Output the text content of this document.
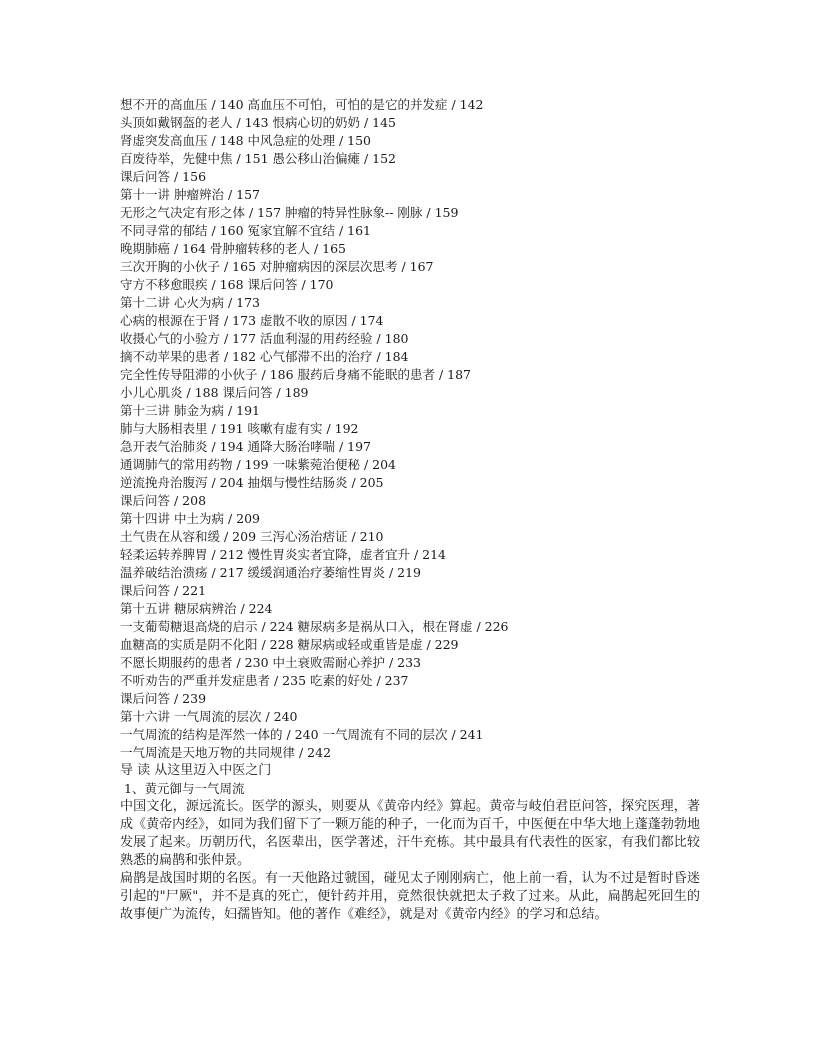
想不开的高血压 / 140 高血压不可怕，可怕的是它的并发症 / 142
头顶如戴钢盔的老人 / 143 恨病心切的奶奶 / 145
肾虚突发高血压 / 148 中风急症的处理 / 150
百废待举，先健中焦 / 151 愚公移山治偏瘫 / 152
课后问答 / 156
第十一讲 肿瘤辨治 / 157
无形之气决定有形之体 / 157 肿瘤的特异性脉象-- 刚脉 / 159
不同寻常的郁结 / 160 冤家宜解不宜结 / 161
晚期肺癌 / 164 骨肿瘤转移的老人 / 165
三次开胸的小伙子 / 165 对肿瘤病因的深层次思考 / 167
守方不移愈眼疾 / 168 课后问答 / 170
第十二讲 心火为病 / 173
心病的根源在于肾 / 173 虚散不收的原因 / 174
收摄心气的小验方 / 177 活血利湿的用药经验 / 180
摘不动苹果的患者 / 182 心气郁滞不出的治疗 / 184
完全性传导阻滞的小伙子 / 186 服药后身痛不能眠的患者 / 187
小儿心肌炎 / 188 课后问答 / 189
第十三讲 肺金为病 / 191
肺与大肠相表里 / 191 咳嗽有虚有实 / 192
急开表气治肺炎 / 194 通降大肠治哮喘 / 197
通调肺气的常用药物 / 199 一味紫菀治便秘 / 204
逆流挽舟治腹泻 / 204 抽烟与慢性结肠炎 / 205
课后问答 / 208
第十四讲 中土为病 / 209
土气贵在从容和缓 / 209 三泻心汤治痞证 / 210
轻柔运转养脾胃 / 212 慢性胃炎实者宜降，虚者宜升 / 214
温养破结治溃疡 / 217 缓缓润通治疗萎缩性胃炎 / 219
课后问答 / 221
第十五讲 糖尿病辨治 / 224
一支葡萄糖退高烧的启示 / 224 糖尿病多是祸从口入，根在肾虚 / 226
血糖高的实质是阴不化阳 / 228 糖尿病或轻或重皆是虚 / 229
不愿长期服药的患者 / 230 中土衰败需耐心养护 / 233
不听劝告的严重并发症患者 / 235 吃素的好处 / 237
课后问答 / 239
第十六讲 一气周流的层次 / 240
一气周流的结构是浑然一体的 / 240 一气周流有不同的层次 / 241
一气周流是天地万物的共同规律 / 242
导 读 从这里迈入中医之门
1、黄元御与一气周流
中国文化，源远流长。医学的源头，则要从《黄帝内经》算起。黄帝与岐伯君臣问答，探究医理，著成《黄帝内经》，如同为我们留下了一颗万能的种子，一化而为百千，中医便在中华大地上蓬蓬勃勃地发展了起来。历朝历代，名医辈出，医学著述，汗牛充栋。其中最具有代表性的医家，有我们都比较熟悉的扁鹊和张仲景。
扁鹊是战国时期的名医。有一天他路过虢国，碰见太子刚刚病亡，他上前一看，认为不过是暂时昏迷引起的"尸厥"，并不是真的死亡，便针药并用，竟然很快就把太子救了过来。从此，扁鹊起死回生的故事便广为流传，妇孺皆知。他的著作《难经》，就是对《黄帝内经》的学习和总结。
